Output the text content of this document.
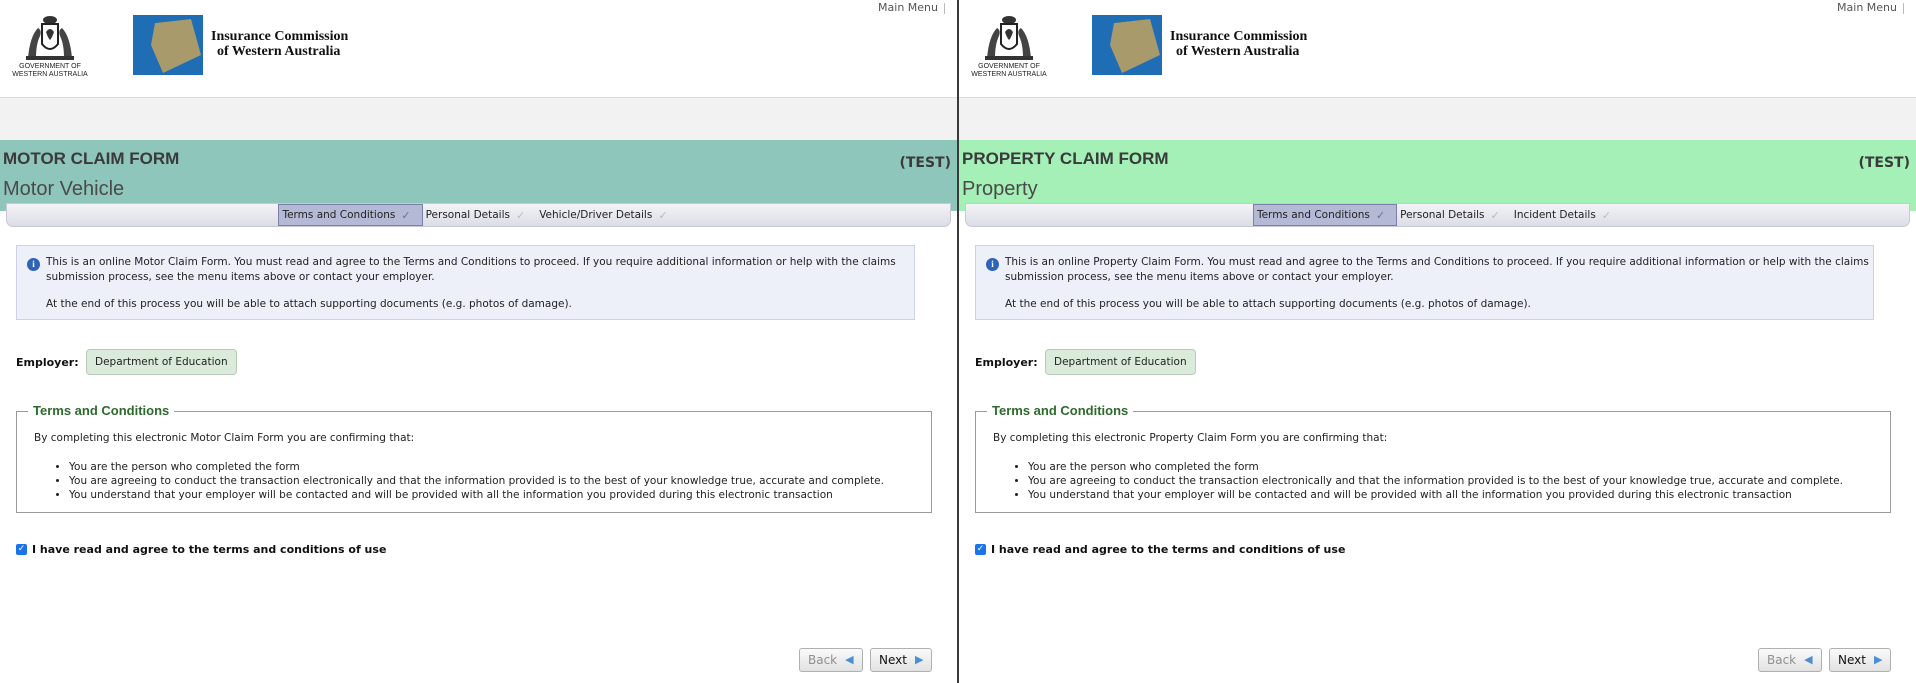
GOVERNMENT OF
WESTERN AUSTRALIA
Insurance Commission
of Western Australia
Main Menu
MOTOR CLAIM FORM
Motor Vehicle
(TEST)
Terms and Conditions ✓ Personal Details ✓ Vehicle/Driver Details ✓
i	This is an online Motor Claim Form. You must read and agree to the Terms and Conditions to proceed. If you require additional information or help with the claims submission process, see the menu items above or contact your employer.
At the end of this process you will be able to attach supporting documents (e.g. photos of damage).
Employer:	Department of Education
Terms and Conditions
By completing this electronic Motor Claim Form you are confirming that:
• You are the person who completed the form
• You are agreeing to conduct the transaction electronically and that the information provided is to the best of your knowledge true, accurate and complete.
• You understand that your employer will be contacted and will be provided with all the information you provided during this electronic transaction
✓ I have read and agree to the terms and conditions of use
Back ◀ Next ▶
GOVERNMENT OF
WESTERN AUSTRALIA
Insurance Commission
of Western Australia
Main Menu
PROPERTY CLAIM FORM
Property
(TEST)
Terms and Conditions ✓ Personal Details ✓ Incident Details ✓
i	This is an online Property Claim Form. You must read and agree to the Terms and Conditions to proceed. If you require additional information or help with the claims submission process, see the menu items above or contact your employer.
At the end of this process you will be able to attach supporting documents (e.g. photos of damage).
Employer:	Department of Education
Terms and Conditions
By completing this electronic Property Claim Form you are confirming that:
• You are the person who completed the form
• You are agreeing to conduct the transaction electronically and that the information provided is to the best of your knowledge true, accurate and complete.
• You understand that your employer will be contacted and will be provided with all the information you provided during this electronic transaction
✓ I have read and agree to the terms and conditions of use
Back ◀ Next ▶
